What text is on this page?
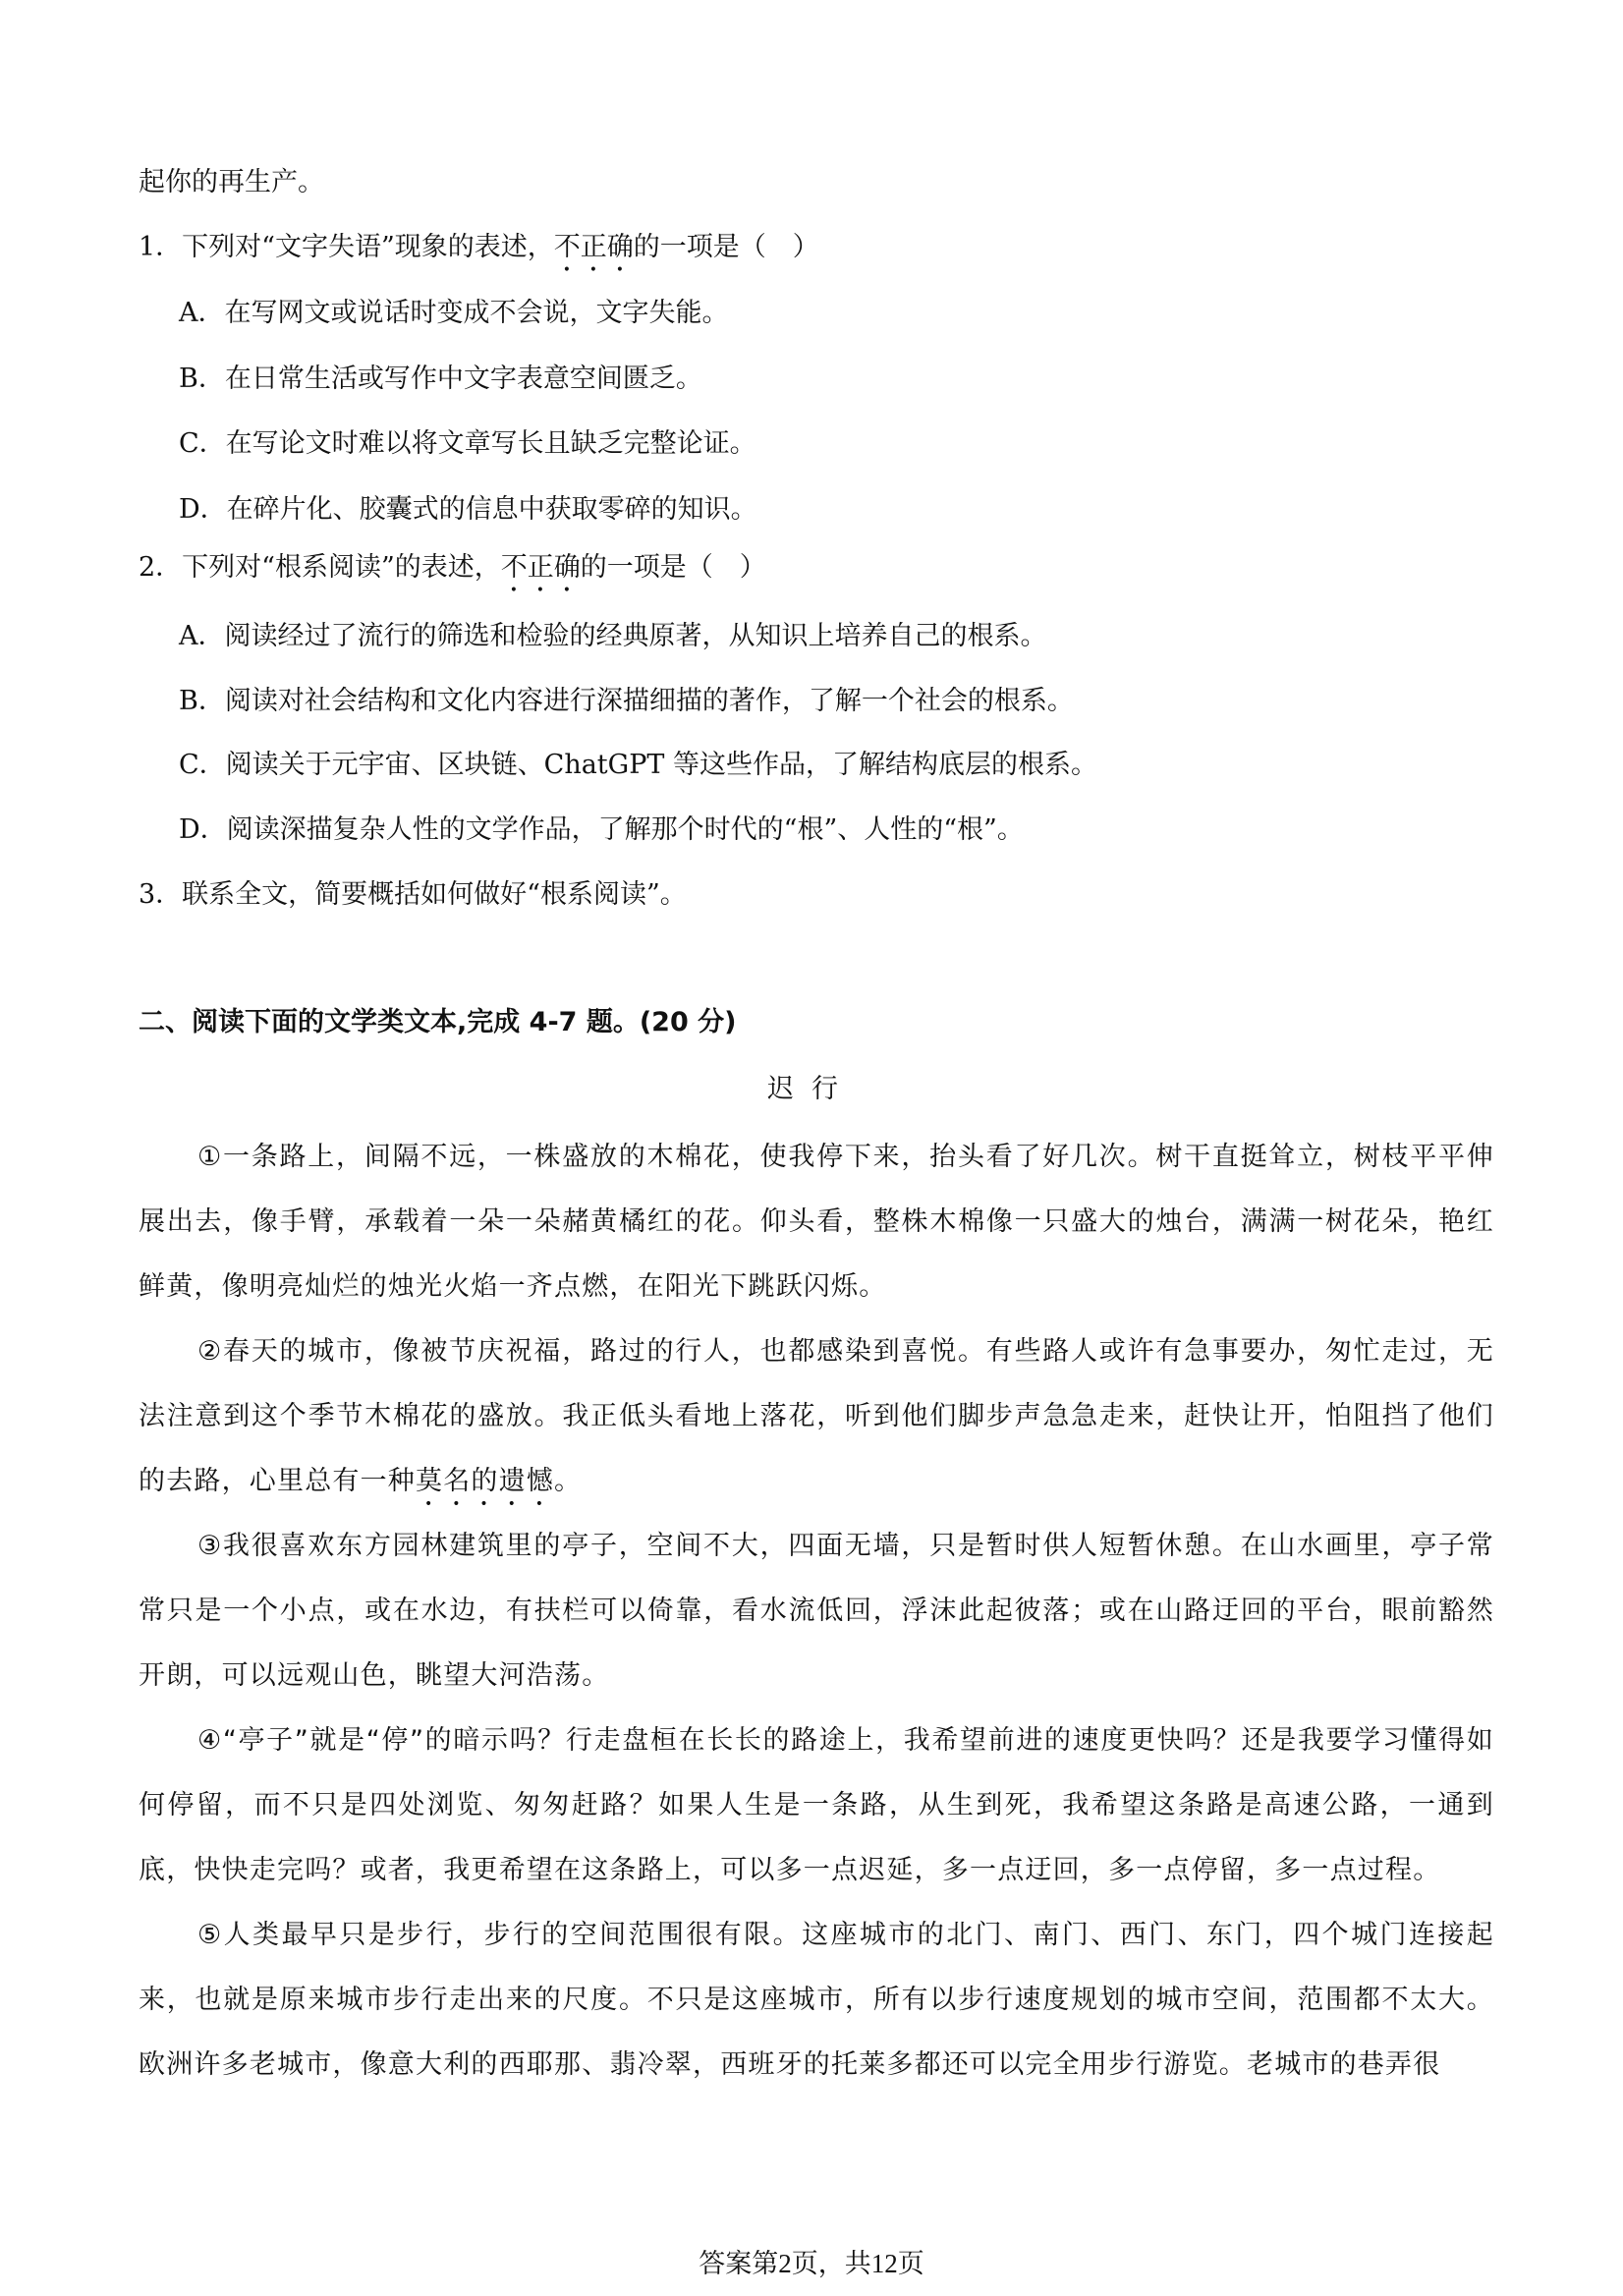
起你的再生产。
1．下列对“文字失语”现象的表述，不正确的一项是（　）
A．在写网文或说话时变成不会说，文字失能。
B．在日常生活或写作中文字表意空间匮乏。
C．在写论文时难以将文章写长且缺乏完整论证。
D．在碎片化、胶囊式的信息中获取零碎的知识。
2．下列对“根系阅读”的表述，不正确的一项是（　）
A．阅读经过了流行的筛选和检验的经典原著，从知识上培养自己的根系。
B．阅读对社会结构和文化内容进行深描细描的著作，了解一个社会的根系。
C．阅读关于元宇宙、区块链、ChatGPT 等这些作品，了解结构底层的根系。
D．阅读深描复杂人性的文学作品，了解那个时代的“根”、人性的“根”。
3．联系全文，简要概括如何做好“根系阅读”。
二、阅读下面的文学类文本,完成 4-7 题。(20 分)
迟行

①一条路上，间隔不远，一株盛放的木棉花，使我停下来，抬头看了好几次。树干直挺耸立，树枝平平伸展出去，像手臂，承载着一朵一朵赭黄橘红的花。仰头看，整株木棉像一只盛大的烛台，满满一树花朵，艳红鲜黄，像明亮灿烂的烛光火焰一齐点燃，在阳光下跳跃闪烁。

②春天的城市，像被节庆祝福，路过的行人，也都感染到喜悦。有些路人或许有急事要办，匆忙走过，无法注意到这个季节木棉花的盛放。我正低头看地上落花，听到他们脚步声急急走来，赶快让开，怕阻挡了他们的去路，心里总有一种莫名的遗憾。

③我很喜欢东方园林建筑里的亭子，空间不大，四面无墙，只是暂时供人短暂休憩。在山水画里，亭子常常只是一个小点，或在水边，有扶栏可以倚靠，看水流低回，浮沫此起彼落；或在山路迂回的平台，眼前豁然开朗，可以远观山色，眺望大河浩荡。

④“亭子”就是“停”的暗示吗？行走盘桓在长长的路途上，我希望前进的速度更快吗？还是我要学习懂得如何停留，而不只是四处浏览、匆匆赶路？如果人生是一条路，从生到死，我希望这条路是高速公路，一通到底，快快走完吗？或者，我更希望在这条路上，可以多一点迟延，多一点迂回，多一点停留，多一点过程。

⑤人类最早只是步行，步行的空间范围很有限。这座城市的北门、南门、西门、东门，四个城门连接起来，也就是原来城市步行走出来的尺度。不只是这座城市，所有以步行速度规划的城市空间，范围都不太大。欧洲许多老城市，像意大利的西耶那、翡冷翠，西班牙的托莱多都还可以完全用步行游览。老城市的巷弄很

答案第2页，共12页
